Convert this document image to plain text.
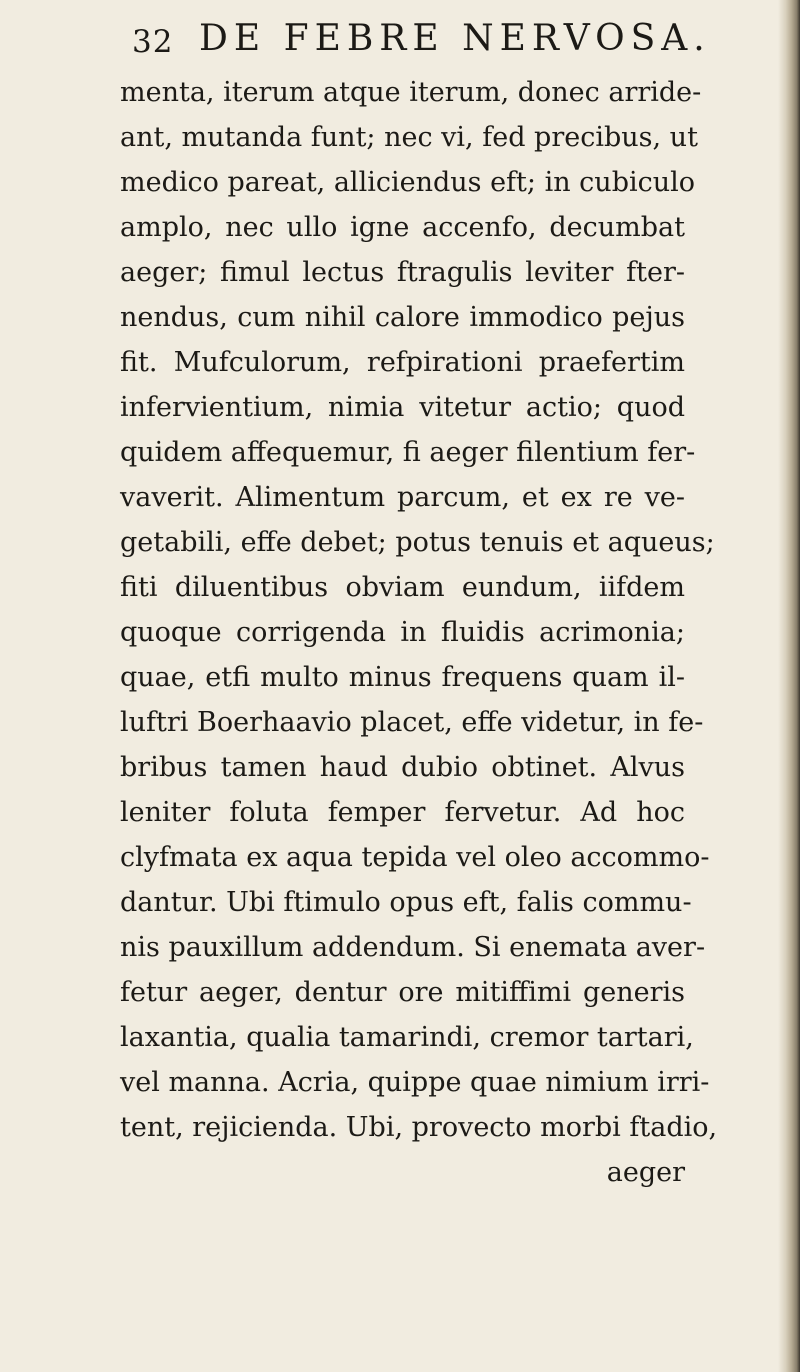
32 DE FEBRE NERVOSA.
menta, iterum atque iterum, donec arride-
ant, mutanda funt; nec vi, fed precibus, ut
medico pareat, alliciendus eft; in cubiculo
amplo, nec ullo igne accenfo, decumbat
aeger; fimul lectus ftragulis leviter fter-
nendus, cum nihil calore immodico pejus
fit. Mufculorum, refpirationi praefertim
infervientium, nimia vitetur actio; quod
quidem affequemur, fi aeger filentium fer-
vaverit. Alimentum parcum, et ex re ve-
getabili, effe debet; potus tenuis et aqueus;
fiti diluentibus obviam eundum, iifdem
quoque corrigenda in fluidis acrimonia;
quae, etfi multo minus frequens quam il-
luftri Boerhaavio placet, effe videtur, in fe-
bribus tamen haud dubio obtinet. Alvus
leniter foluta femper fervetur. Ad hoc
clyfmata ex aqua tepida vel oleo accommo-
dantur. Ubi ftimulo opus eft, falis commu-
nis pauxillum addendum. Si enemata aver-
fetur aeger, dentur ore mitiffimi generis
laxantia, qualia tamarindi, cremor tartari,
vel manna. Acria, quippe quae nimium irri-
tent, rejicienda. Ubi, provecto morbi ftadio,
aeger
